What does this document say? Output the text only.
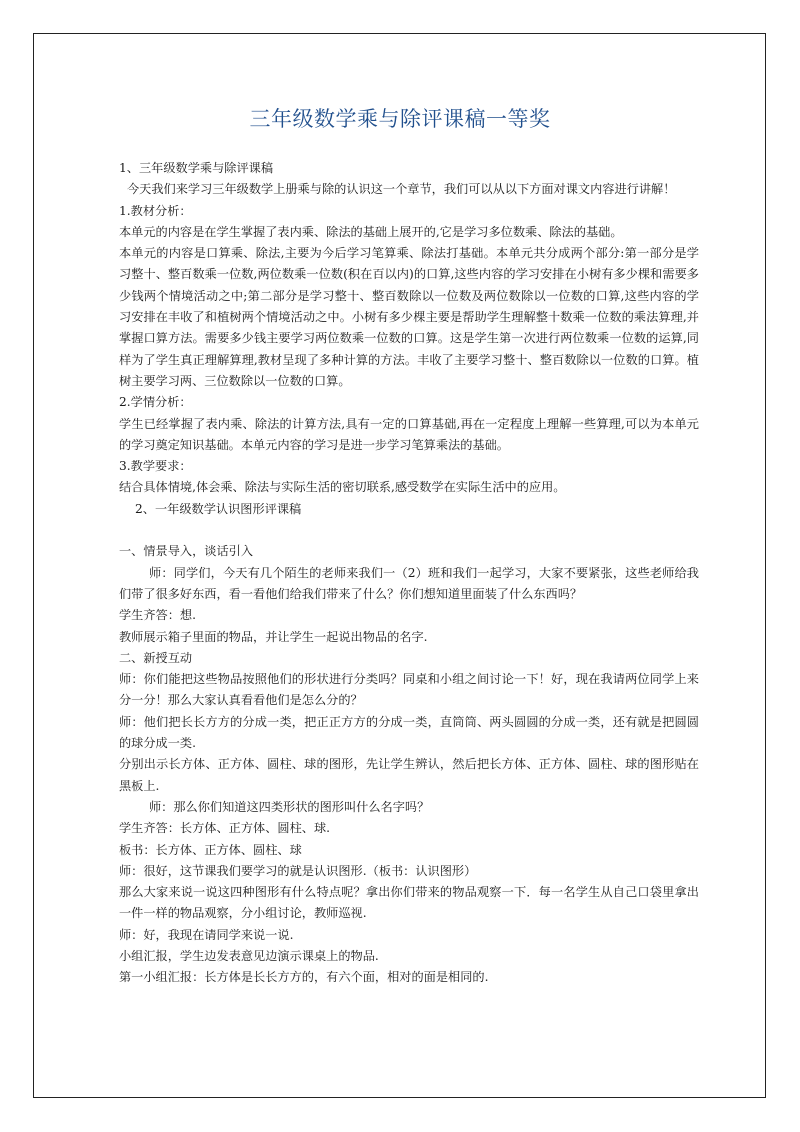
三年级数学乘与除评课稿一等奖

1、三年级数学乘与除评课稿

今天我们来学习三年级数学上册乘与除的认识这一个章节，我们可以从以下方面对课文内容进行讲解！

1.教材分析：

本单元的内容是在学生掌握了表内乘、除法的基础上展开的,它是学习多位数乘、除法的基础。

本单元的内容是口算乘、除法,主要为今后学习笔算乘、除法打基础。本单元共分成两个部分:第一部分是学习整十、整百数乘一位数,两位数乘一位数(积在百以内)的口算,这些内容的学习安排在小树有多少棵和需要多少钱两个情境活动之中;第二部分是学习整十、整百数除以一位数及两位数除以一位数的口算,这些内容的学习安排在丰收了和植树两个情境活动之中。小树有多少棵主要是帮助学生理解整十数乘一位数的乘法算理,并掌握口算方法。需要多少钱主要学习两位数乘一位数的口算。这是学生第一次进行两位数乘一位数的运算,同样为了学生真正理解算理,教材呈现了多种计算的方法。丰收了主要学习整十、整百数除以一位数的口算。植树主要学习两、三位数除以一位数的口算。

2.学情分析：

学生已经掌握了表内乘、除法的计算方法,具有一定的口算基础,再在一定程度上理解一些算理,可以为本单元的学习奠定知识基础。本单元内容的学习是进一步学习笔算乘法的基础。

3.教学要求：

结合具体情境,体会乘、除法与实际生活的密切联系,感受数学在实际生活中的应用。

2、一年级数学认识图形评课稿

一、情景导入，谈话引入

师：同学们，今天有几个陌生的老师来我们一（2）班和我们一起学习，大家不要紧张，这些老师给我们带了很多好东西，看一看他们给我们带来了什么？你们想知道里面装了什么东西吗？

学生齐答：想.

教师展示箱子里面的物品，并让学生一起说出物品的名字.

二、新授互动

师：你们能把这些物品按照他们的形状进行分类吗？同桌和小组之间讨论一下！好，现在我请两位同学上来分一分！那么大家认真看看他们是怎么分的？

师：他们把长长方方的分成一类，把正正方方的分成一类，直筒筒、两头圆圆的分成一类，还有就是把圆圆的球分成一类.

分别出示长方体、正方体、圆柱、球的图形，先让学生辨认，然后把长方体、正方体、圆柱、球的图形贴在黑板上.

师：那么你们知道这四类形状的图形叫什么名字吗？

学生齐答：长方体、正方体、圆柱、球.

板书：长方体、正方体、圆柱、球

师：很好，这节课我们要学习的就是认识图形.（板书：认识图形）

那么大家来说一说这四种图形有什么特点呢？拿出你们带来的物品观察一下．每一名学生从自己口袋里拿出一件一样的物品观察，分小组讨论，教师巡视.

师：好，我现在请同学来说一说.

小组汇报，学生边发表意见边演示课桌上的物品.

第一小组汇报：长方体是长长方方的，有六个面，相对的面是相同的.
